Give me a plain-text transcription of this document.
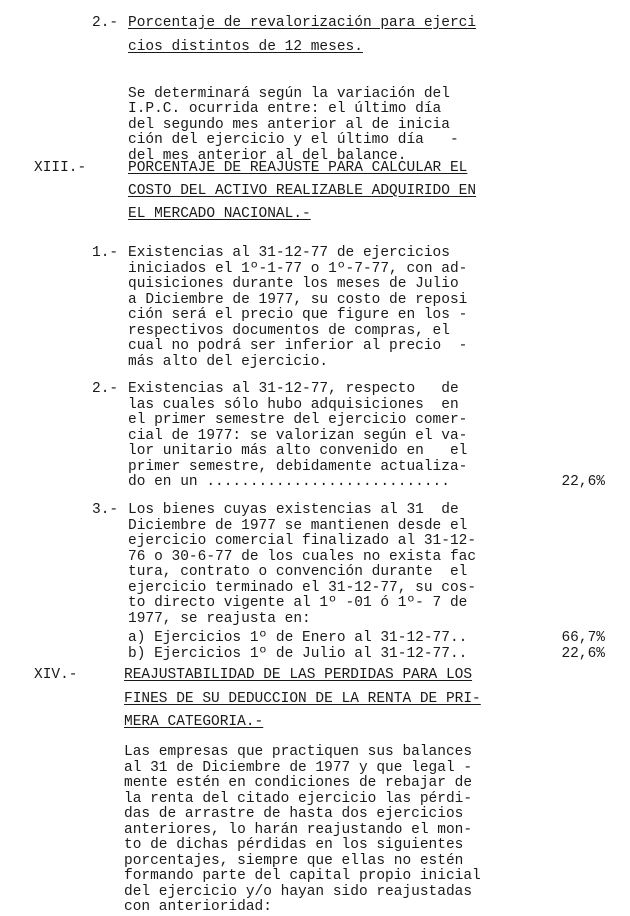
2.- Porcentaje de revalorización para ejerci
cios distintos de 12 meses.

Se determinará según la variación del
I.P.C. ocurrida entre: el último día
del segundo mes anterior al de inicia
ción del ejercicio y el último día   -
del mes anterior al del balance.
XIII.-	PORCENTAJE DE REAJUSTE PARA CALCULAR EL
COSTO DEL ACTIVO REALIZABLE ADQUIRIDO EN
EL MERCADO NACIONAL.-
1.- Existencias al 31-12-77 de ejercicios
iniciados el 1º-1-77 o 1º-7-77, con ad-
quisiciones durante los meses de Julio
a Diciembre de 1977, su costo de reposi
ción será el precio que figure en los -
respectivos documentos de compras, el
cual no podrá ser inferior al precio  -
más alto del ejercicio.
2.- Existencias al 31-12-77, respecto   de
las cuales sólo hubo adquisiciones  en
el primer semestre del ejercicio comer-
cial de 1977: se valorizan según el va-
lor unitario más alto convenido en   el
primer semestre, debidamente actualiza-
do en un ............................	22,6%
3.- Los bienes cuyas existencias al 31  de
Diciembre de 1977 se mantienen desde el
ejercicio comercial finalizado al 31-12-
76 o 30-6-77 de los cuales no exista fac
tura, contrato o convención durante  el
ejercicio terminado el 31-12-77, su cos-
to directo vigente al 1º -01 ó 1º- 7 de
1977, se reajusta en:
a) Ejercicios 1º de Enero al 31-12-77..	66,7%
b) Ejercicios 1º de Julio al 31-12-77..	22,6%
XIV.-	REAJUSTABILIDAD DE LAS PERDIDAS PARA LOS
FINES DE SU DEDUCCION DE LA RENTA DE PRI-
MERA CATEGORIA.-
Las empresas que practiquen sus balances
al 31 de Diciembre de 1977 y que legal -
mente estén en condiciones de rebajar de
la renta del citado ejercicio las pérdi-
das de arrastre de hasta dos ejercicios
anteriores, lo harán reajustando el mon-
to de dichas pérdidas en los siguientes
porcentajes, siempre que ellas no estén
formando parte del capital propio inicial
del ejercicio y/o hayan sido reajustadas
con anterioridad:
